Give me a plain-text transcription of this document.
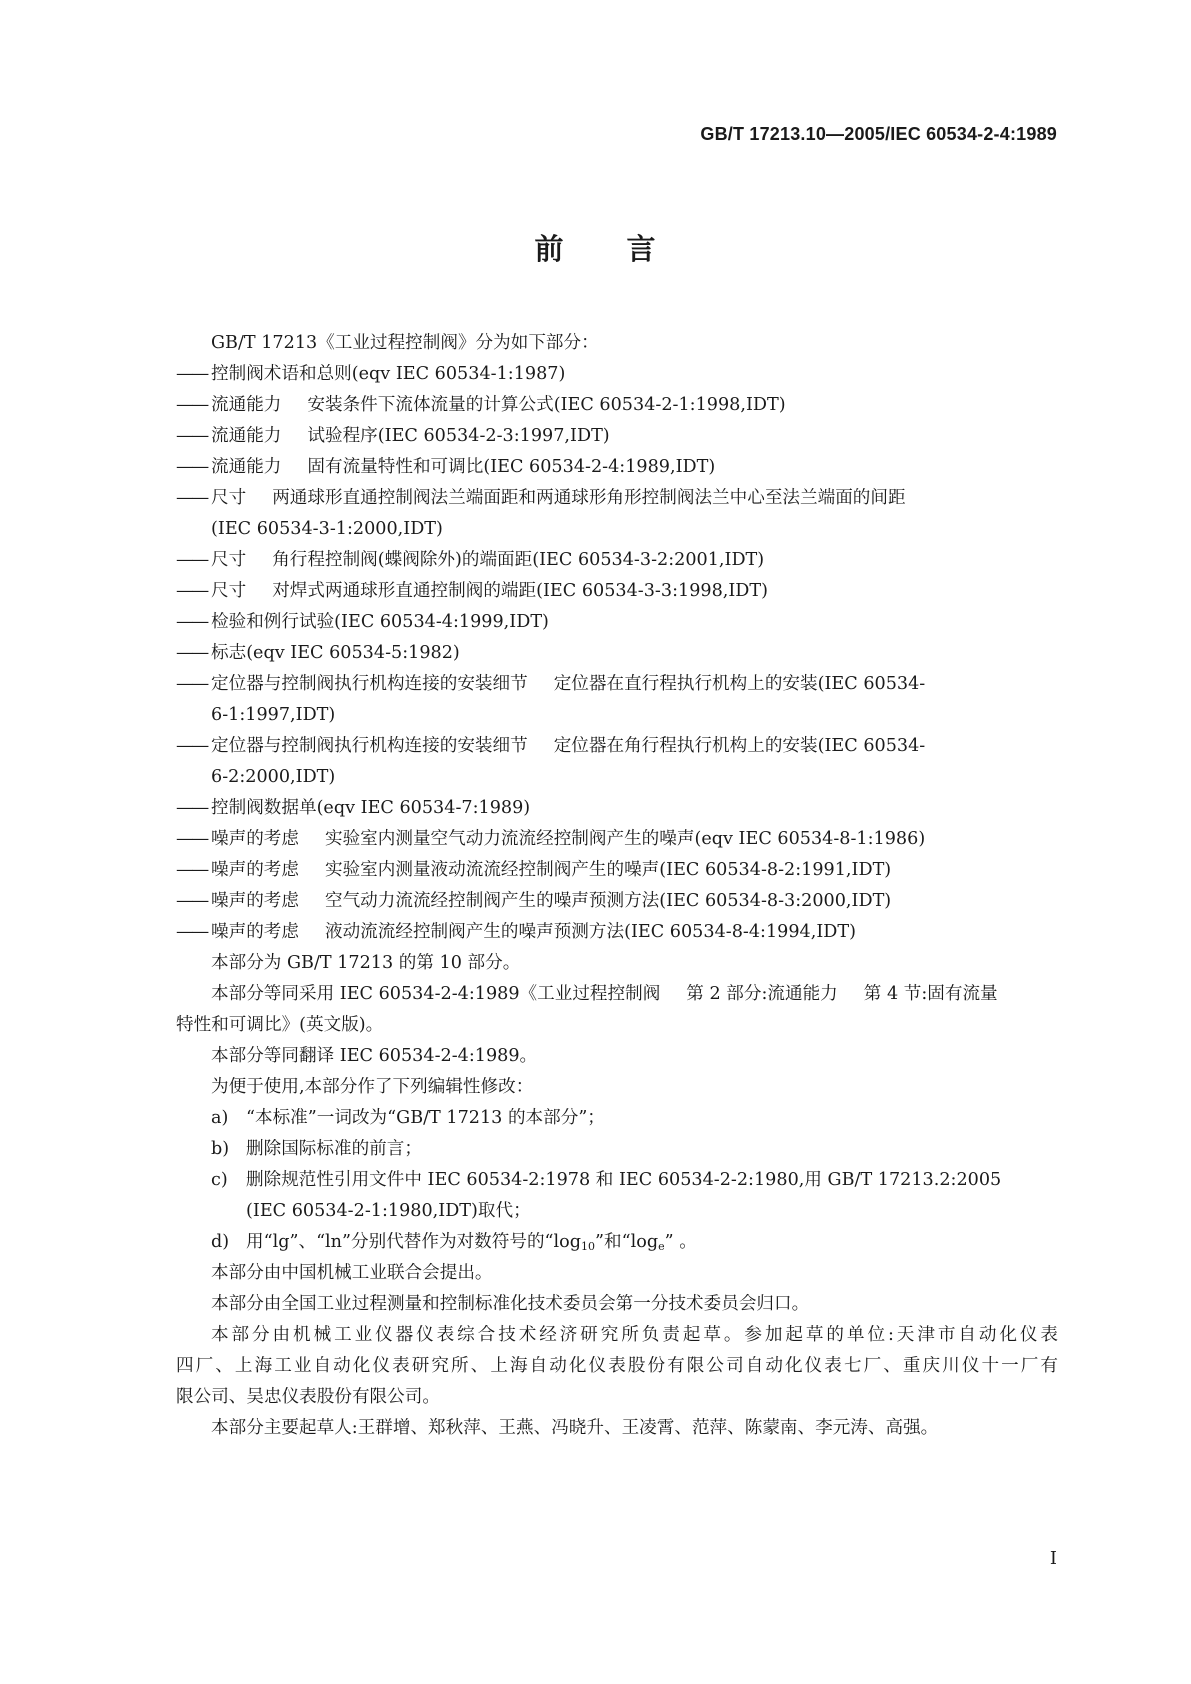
GB/T 17213.10—2005/IEC 60534-2-4:1989
前 言
GB/T 17213《工业过程控制阀》分为如下部分：
—— 控制阀术语和总则(eqv IEC 60534-1:1987)
—— 流通能力 安装条件下流体流量的计算公式(IEC 60534-2-1:1998,IDT)
—— 流通能力 试验程序(IEC 60534-2-3:1997,IDT)
—— 流通能力 固有流量特性和可调比(IEC 60534-2-4:1989,IDT)
—— 尺寸 两通球形直通控制阀法兰端面距和两通球形角形控制阀法兰中心至法兰端面的间距
(IEC 60534-3-1:2000,IDT)
—— 尺寸 角行程控制阀(蝶阀除外)的端面距(IEC 60534-3-2:2001,IDT)
—— 尺寸 对焊式两通球形直通控制阀的端距(IEC 60534-3-3:1998,IDT)
—— 检验和例行试验(IEC 60534-4:1999,IDT)
—— 标志(eqv IEC 60534-5:1982)
—— 定位器与控制阀执行机构连接的安装细节 定位器在直行程执行机构上的安装(IEC 60534-
6-1:1997,IDT)
—— 定位器与控制阀执行机构连接的安装细节 定位器在角行程执行机构上的安装(IEC 60534-
6-2:2000,IDT)
—— 控制阀数据单(eqv IEC 60534-7:1989)
—— 噪声的考虑 实验室内测量空气动力流流经控制阀产生的噪声(eqv IEC 60534-8-1:1986)
—— 噪声的考虑 实验室内测量液动流流经控制阀产生的噪声(IEC 60534-8-2:1991,IDT)
—— 噪声的考虑 空气动力流流经控制阀产生的噪声预测方法(IEC 60534-8-3:2000,IDT)
—— 噪声的考虑 液动流流经控制阀产生的噪声预测方法(IEC 60534-8-4:1994,IDT)
本部分为 GB/T 17213 的第 10 部分。
本部分等同采用 IEC 60534-2-4:1989《工业过程控制阀 第 2 部分:流通能力 第 4 节:固有流量
特性和可调比》(英文版)。
本部分等同翻译 IEC 60534-2-4:1989。
为便于使用,本部分作了下列编辑性修改：
a) “本标准”一词改为“GB/T 17213 的本部分”；
b) 删除国际标准的前言；
c) 删除规范性引用文件中 IEC 60534-2:1978 和 IEC 60534-2-2:1980,用 GB/T 17213.2:2005
(IEC 60534-2-1:1980,IDT)取代；
d) 用“lg”、“ln”分别代替作为对数符号的“$\log_{10}$”和“$\log_e$” 。
本部分由中国机械工业联合会提出。
本部分由全国工业过程测量和控制标准化技术委员会第一分技术委员会归口。
本部分由机械工业仪器仪表综合技术经济研究所负责起草。参加起草的单位:天津市自动化仪表
四厂、上海工业自动化仪表研究所、上海自动化仪表股份有限公司自动化仪表七厂、重庆川仪十一厂有
限公司、吴忠仪表股份有限公司。
本部分主要起草人:王群增、郑秋萍、王燕、冯晓升、王凌霄、范萍、陈蒙南、李元涛、高强。
I
